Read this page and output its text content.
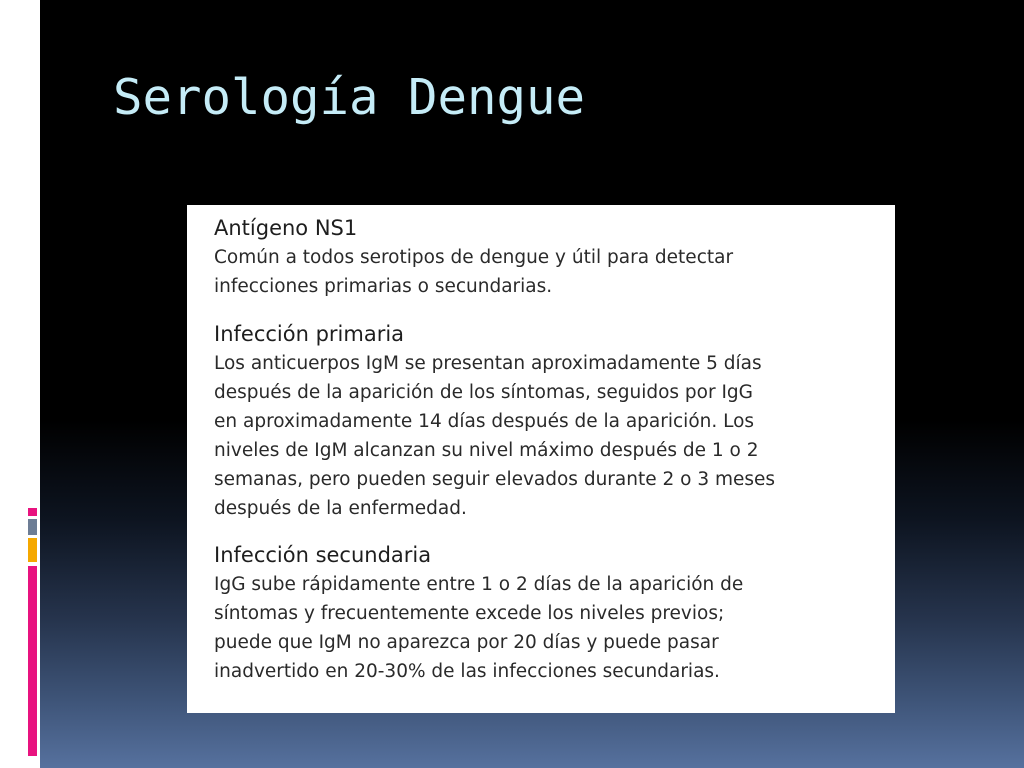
Serología Dengue
Antígeno NS1

Común a todos serotipos de dengue y útil para detectar
infecciones primarias o secundarias.

Infección primaria

Los anticuerpos IgM se presentan aproximadamente 5 días
después de la aparición de los síntomas, seguidos por IgG
en aproximadamente 14 días después de la aparición. Los
niveles de IgM alcanzan su nivel máximo después de 1 o 2
semanas, pero pueden seguir elevados durante 2 o 3 meses
después de la enfermedad.

Infección secundaria

IgG sube rápidamente entre 1 o 2 días de la aparición de
síntomas y frecuentemente excede los niveles previos;
puede que IgM no aparezca por 20 días y puede pasar
inadvertido en 20-30% de las infecciones secundarias.
